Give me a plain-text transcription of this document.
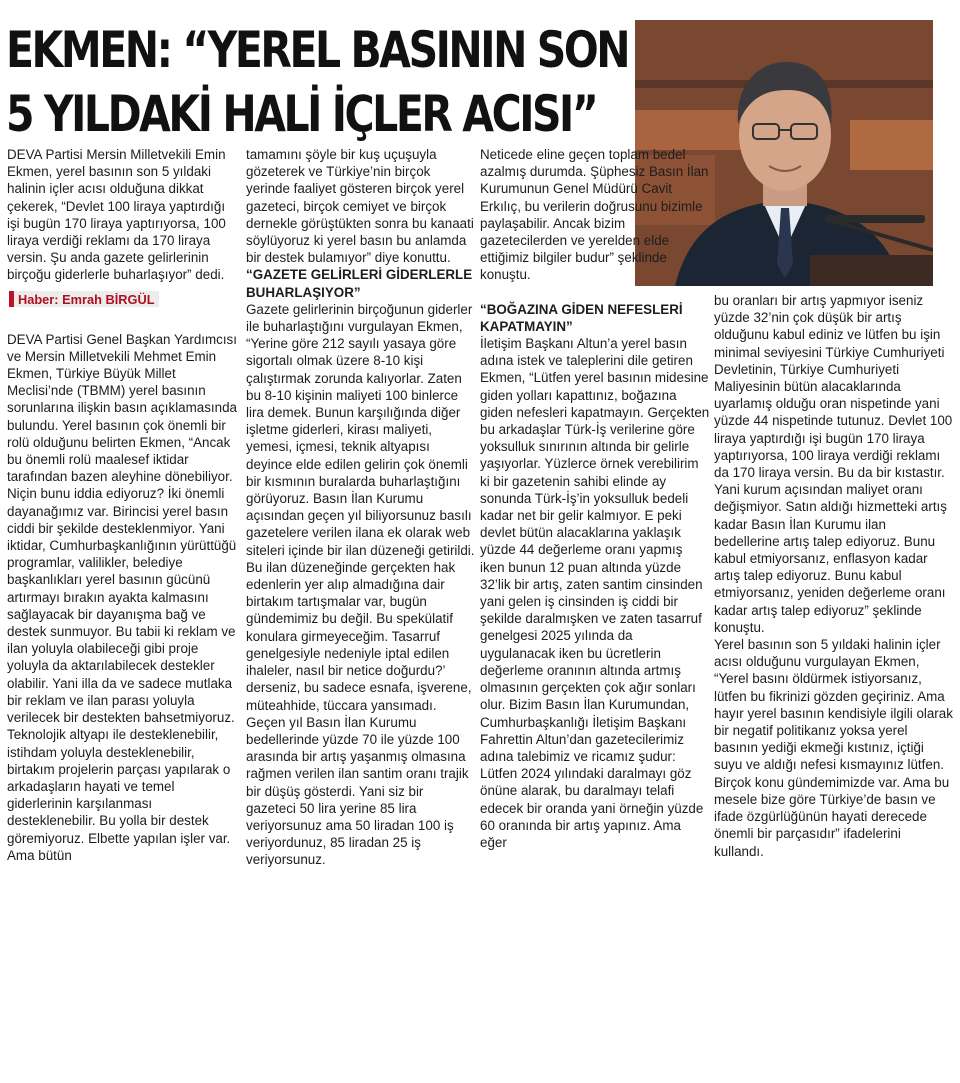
EKMEN: “YEREL BASININ SON
5 YILDAKİ HALİ İÇLER ACISI”

DEVA Partisi Mersin Milletvekili Emin Ekmen, yerel basının son 5 yıldaki halinin içler acısı olduğuna dikkat çekerek, “Devlet 100 liraya yaptırdığı işi bugün 170 liraya yaptırıyorsa, 100 liraya verdiği reklamı da 170 liraya versin. Şu anda gazete gelirlerinin birçoğu giderlerle buharlaşıyor” dedi.

Haber: Emrah BİRGÜL

DEVA Partisi Genel Başkan Yardımcısı ve Mersin Milletvekili Mehmet Emin Ekmen, Türkiye Büyük Millet Meclisi’nde (TBMM) yerel basının sorunlarına ilişkin basın açıklamasında bulundu. Yerel basının çok önemli bir rolü olduğunu belirten Ekmen, “Ancak bu önemli rolü maalesef iktidar tarafından bazen aleyhine dönebiliyor. Niçin bunu iddia ediyoruz? İki önemli dayanağımız var. Birincisi yerel basın ciddi bir şekilde desteklenmiyor. Yani iktidar, Cumhurbaşkanlığının yürüttüğü programlar, valilikler, belediye başkanlıkları yerel basının gücünü artırmayı bırakın ayakta kalmasını sağlayacak bir dayanışma bağ ve destek sunmuyor. Bu tabii ki reklam ve ilan yoluyla olabileceği gibi proje yoluyla da aktarılabilecek destekler olabilir. Yani illa da ve sadece mutlaka bir reklam ve ilan parası yoluyla verilecek bir destekten bahsetmiyoruz. Teknolojik altyapı ile desteklenebilir, istihdam yoluyla desteklenebilir, birtakım projelerin parçası yapılarak o arkadaşların hayati ve temel giderlerinin karşılanması desteklenebilir. Bu yolla bir destek göremiyoruz. Elbette yapılan işler var. Ama bütün

tamamını şöyle bir kuş uçuşuyla gözeterek ve Türkiye’nin birçok yerinde faaliyet gösteren birçok yerel gazeteci, birçok cemiyet ve birçok dernekle görüştükten sonra bu kanaati söylüyoruz ki yerel basın bu anlamda bir destek bulamıyor” diye konuttu.

“GAZETE GELİRLERİ GİDERLERLE BUHARLAŞIYOR”

Gazete gelirlerinin birçoğunun giderler ile buharlaştığını vurgulayan Ekmen, “Yerine göre 212 sayılı yasaya göre sigortalı olmak üzere 8-10 kişi çalıştırmak zorunda kalıyorlar. Zaten bu 8-10 kişinin maliyeti 100 binlerce lira demek. Bunun karşılığında diğer işletme giderleri, kirası maliyeti, yemesi, içmesi, teknik altyapısı deyince elde edilen gelirin çok önemli bir kısmının buralarda buharlaştığını görüyoruz. Basın İlan Kurumu açısından geçen yıl biliyorsunuz basılı gazetelere verilen ilana ek olarak web siteleri içinde bir ilan düzeneği getirildi. Bu ilan düzeneğinde gerçekten hak edenlerin yer alıp almadığına dair birtakım tartışmalar var, bugün gündemimiz bu değil. Bu spekülatif konulara girmeyeceğim. Tasarruf genelgesiyle nedeniyle iptal edilen ihaleler, nasıl bir netice doğurdu?’ derseniz, bu sadece esnafa, işverene, müteahhide, tüccara yansımadı. Geçen yıl Basın İlan Kurumu bedellerinde yüzde 70 ile yüzde 100 arasında bir artış yaşanmış olmasına rağmen verilen ilan santim oranı trajik bir düşüş gösterdi. Yani siz bir gazeteci 50 lira yerine 85 lira veriyorsunuz ama 50 liradan 100 iş veriyordunuz, 85 liradan 25 iş veriyorsunuz.

Neticede eline geçen toplam bedel azalmış durumda. Şüphesiz Basın İlan Kurumunun Genel Müdürü Cavit Erkılıç, bu verilerin doğrusunu bizimle paylaşabilir. Ancak bizim gazetecilerden ve yerelden elde ettiğimiz bilgiler budur” şeklinde konuştu.

“BOĞAZINA GİDEN NEFESLERİ KAPATMAYIN”

İletişim Başkanı Altun’a yerel basın adına istek ve taleplerini dile getiren Ekmen, “Lütfen yerel basının midesine giden yolları kapattınız, boğazına giden nefesleri kapatmayın. Gerçekten bu arkadaşlar Türk-İş verilerine göre yoksulluk sınırının altında bir gelirle yaşıyorlar. Yüzlerce örnek verebilirim ki bir gazetenin sahibi elinde ay sonunda Türk-İş’in yoksulluk bedeli kadar net bir gelir kalmıyor. E peki devlet bütün alacaklarına yaklaşık yüzde 44 değerleme oranı yapmış iken bunun 12 puan altında yüzde 32’lik bir artış, zaten santim cinsinden yani gelen iş cinsinden iş ciddi bir şekilde daralmışken ve zaten tasarruf genelgesi 2025 yılında da uygulanacak iken bu ücretlerin değerleme oranının altında artmış olmasının gerçekten çok ağır sonları olur. Bizim Basın İlan Kurumundan, Cumhurbaşkanlığı İletişim Başkanı Fahrettin Altun’dan gazetecilerimiz adına talebimiz ve ricamız şudur: Lütfen 2024 yılındaki daralmayı göz önüne alarak, bu daralmayı telafi edecek bir oranda yani örneğin yüzde 60 oranında bir artış yapınız. Ama eğer

bu oranları bir artış yapmıyor iseniz yüzde 32’nin çok düşük bir artış olduğunu kabul ediniz ve lütfen bu işin minimal seviyesini Türkiye Cumhuriyeti Devletinin, Türkiye Cumhuriyeti Maliyesinin bütün alacaklarında uyarlamış olduğu oran nispetinde yani yüzde 44 nispetinde tutunuz. Devlet 100 liraya yaptırdığı işi bugün 170 liraya yaptırıyorsa, 100 liraya verdiği reklamı da 170 liraya versin. Bu da bir kıstastır. Yani kurum açısından maliyet oranı değişmiyor. Satın aldığı hizmetteki artış kadar Basın İlan Kurumu ilan bedellerine artış talep ediyoruz. Bunu kabul etmiyorsanız, enflasyon kadar artış talep ediyoruz. Bunu kabul etmiyorsanız, yeniden değerleme oranı kadar artış talep ediyoruz” şeklinde konuştu.

Yerel basının son 5 yıldaki halinin içler acısı olduğunu vurgulayan Ekmen, “Yerel basını öldürmek istiyorsanız, lütfen bu fikrinizi gözden geçiriniz. Ama hayır yerel basının kendisiyle ilgili olarak bir negatif politikanız yoksa yerel basının yediği ekmeği kıstınız, içtiği suyu ve aldığı nefesi kısmayınız lütfen. Birçok konu gündemimizde var. Ama bu mesele bize göre Türkiye’de basın ve ifade özgürlüğünün hayati derecede önemli bir parçasıdır” ifadelerini kullandı.
